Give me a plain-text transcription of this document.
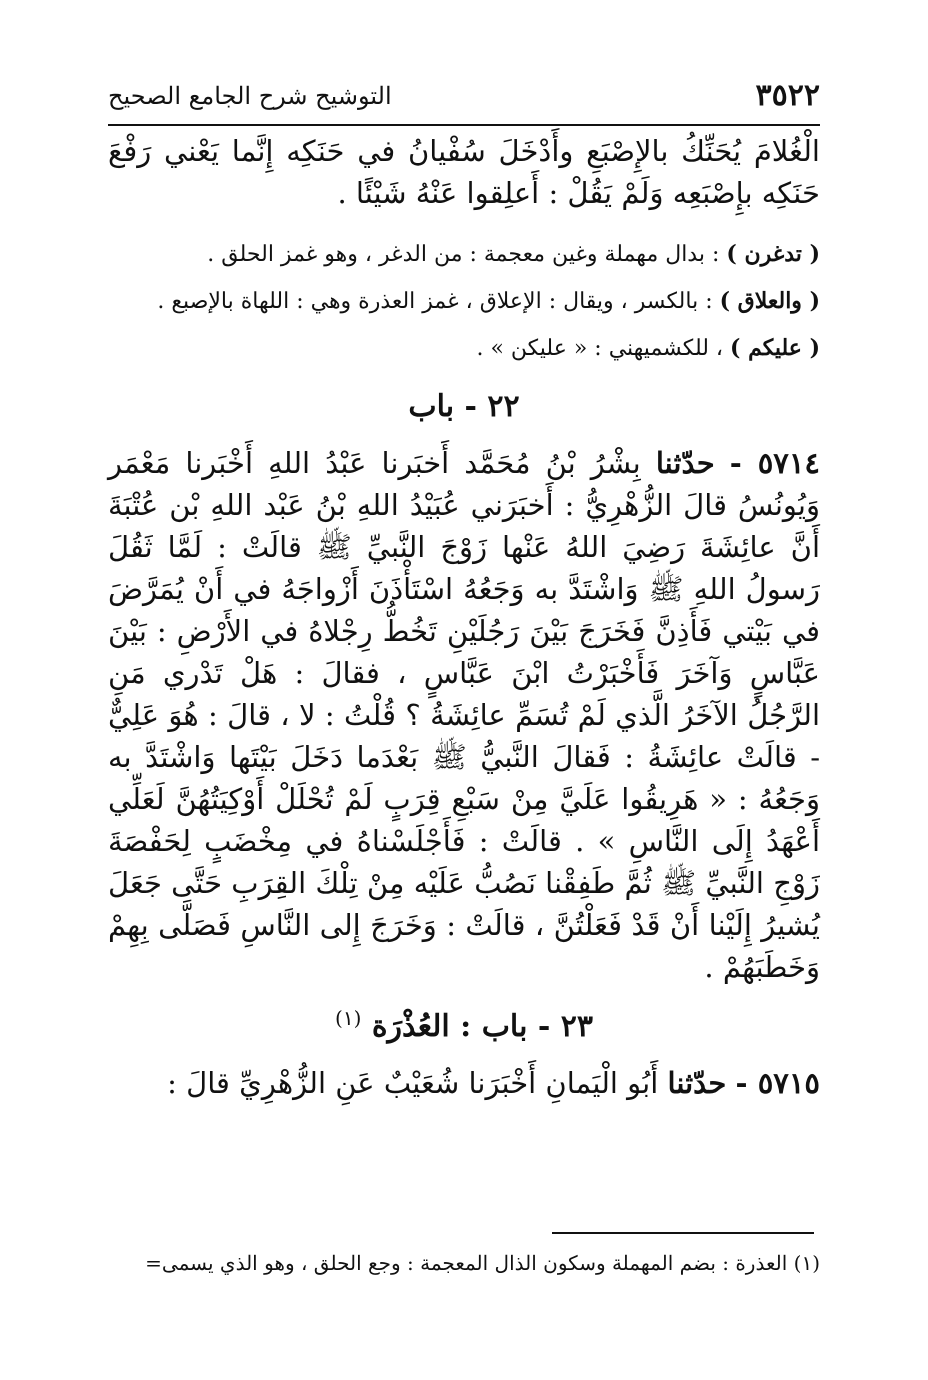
٣٥٢٢
التوشيح شرح الجامع الصحيح

الْغُلامَ يُحَنِّكُ بالإِصْبَعِ وأَدْخَلَ سُفْيانُ في حَنَكِه إِنَّما يَعْني رَفْعَ حَنَكِه بإِصْبَعِه وَلَمْ يَقُلْ : أَعلِقوا عَنْهُ شَيْئًا .

( تدغرن ) : بدال مهملة وغين معجمة : من الدغر ، وهو غمز الحلق .

( والعلاق ) : بالكسر ، ويقال : الإعلاق ، غمز العذرة وهي : اللهاة بالإصبع .

( عليكم ) ، للكشميهني : « عليكن » .

٢٢ - باب

٥٧١٤ - حدّثنا بِشْرُ بْنُ مُحَمَّد أَخبَرنا عَبْدُ اللهِ أَخْبَرنا مَعْمَر وَيُونُسُ قالَ الزُّهْرِيُّ : أَخبَرَني عُبَيْدُ اللهِ بْنُ عَبْد اللهِ بْن عُتْبَةَ أَنَّ عائِشَةَ رَضِيَ اللهُ عَنْها زَوْجَ النَّبيِّ ﷺ قالَتْ : لَمَّا ثَقُلَ رَسولُ اللهِ ﷺ وَاشْتَدَّ به وَجَعُهُ اسْتَأْذَنَ أَزْواجَهُ في أَنْ يُمَرَّضَ في بَيْتي فَأَذِنَّ فَخَرَجَ بَيْنَ رَجُلَيْنِ تَخُطُّ رِجْلاهُ في الأَرْضِ : بَيْنَ عَبَّاسٍ وَآخَرَ فَأَخْبَرْتُ ابْنَ عَبَّاسٍ ، فقالَ : هَلْ تَدْري مَنِ الرَّجُلُ الآخَرُ الَّذي لَمْ تُسَمِّ عائِشَةُ ؟ قُلْتُ : لا ، قالَ : هُوَ عَلِيٌّ - قالَتْ عائِشَةُ : فَقالَ النَّبيُّ ﷺ بَعْدَما دَخَلَ بَيْتَها وَاشْتَدَّ به وَجَعُهُ : « هَرِيقُوا عَلَيَّ مِنْ سَبْعِ قِرَبٍ لَمْ تُحْلَلْ أَوْكِيَتُهُنَّ لَعَلِّي أَعْهَدُ إِلَى النَّاسِ » . قالَتْ : فَأَجْلَسْناهُ في مِخْضَبٍ لِحَفْصَةَ زَوْجِ النَّبيِّ ﷺ ثُمَّ طَفِقْنا نَصُبُّ عَلَيْه مِنْ تِلْكَ القِرَبِ حَتَّى جَعَلَ يُشيرُ إِلَيْنا أَنْ قَدْ فَعَلْتُنَّ ، قالَتْ : وَخَرَجَ إِلى النَّاسِ فَصَلَّى بِهِمْ وَخَطَبَهُمْ .

٢٣ - باب : العُذْرَة $^{(١)}$

٥٧١٥ - حدّثنا أَبُو الْيَمانِ أَخْبَرَنا شُعَيْبٌ عَنِ الزُّهْرِيِّ قالَ :

(١) العذرة : بضم المهملة وسكون الذال المعجمة : وجع الحلق ، وهو الذي يسمى=
